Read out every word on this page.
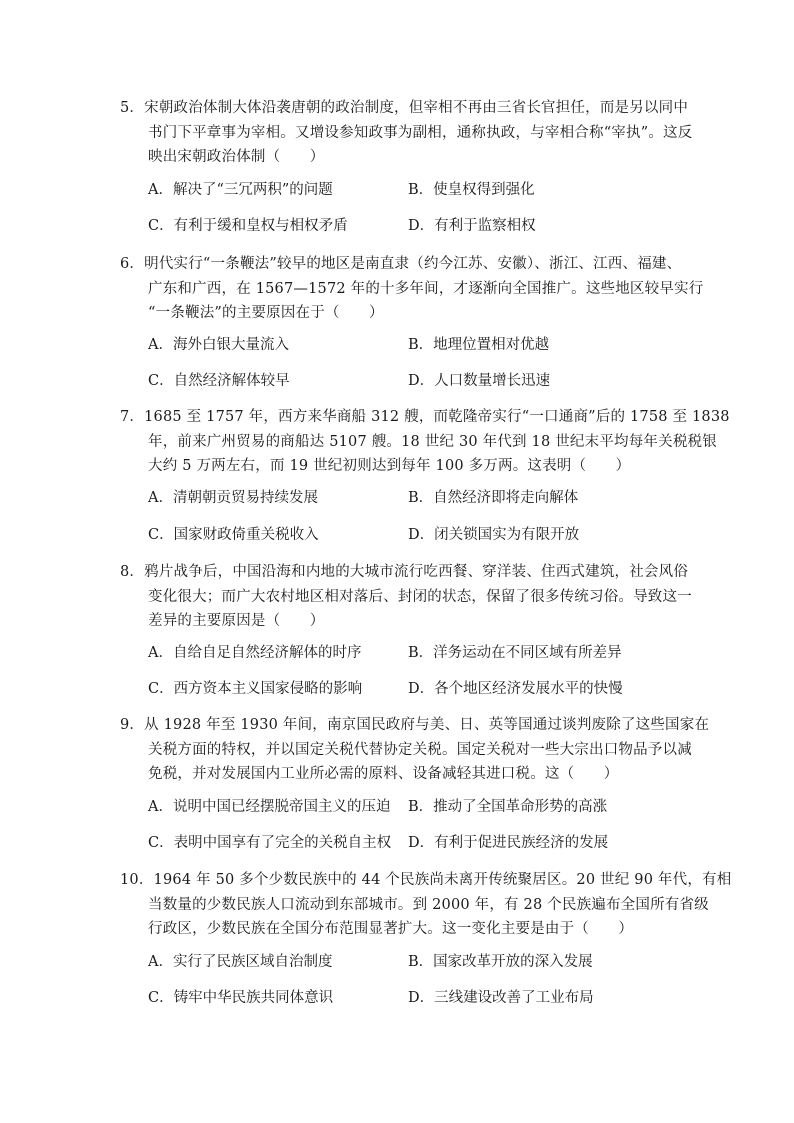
5．宋朝政治体制大体沿袭唐朝的政治制度，但宰相不再由三省长官担任，而是另以同中
书门下平章事为宰相。又增设参知政事为副相，通称执政，与宰相合称“宰执”。这反
映出宋朝政治体制（　　）
A．解决了“三冗两积”的问题	B．使皇权得到强化
C．有利于缓和皇权与相权矛盾	D．有利于监察相权
6．明代实行“一条鞭法”较早的地区是南直隶（约今江苏、安徽）、浙江、江西、福建、
广东和广西，在 1567—1572 年的十多年间，才逐渐向全国推广。这些地区较早实行
“一条鞭法”的主要原因在于（　　）
A．海外白银大量流入	B．地理位置相对优越
C．自然经济解体较早	D．人口数量增长迅速
7．1685 至 1757 年，西方来华商船 312 艘，而乾隆帝实行“一口通商”后的 1758 至 1838
年，前来广州贸易的商船达 5107 艘。18 世纪 30 年代到 18 世纪末平均每年关税税银
大约 5 万两左右，而 19 世纪初则达到每年 100 多万两。这表明（　　）
A．清朝朝贡贸易持续发展	B．自然经济即将走向解体
C．国家财政倚重关税收入	D．闭关锁国实为有限开放
8．鸦片战争后，中国沿海和内地的大城市流行吃西餐、穿洋装、住西式建筑，社会风俗
变化很大；而广大农村地区相对落后、封闭的状态，保留了很多传统习俗。导致这一
差异的主要原因是（　　）
A．自给自足自然经济解体的时序	B．洋务运动在不同区域有所差异
C．西方资本主义国家侵略的影响	D．各个地区经济发展水平的快慢
9．从 1928 年至 1930 年间，南京国民政府与美、日、英等国通过谈判废除了这些国家在
关税方面的特权，并以国定关税代替协定关税。国定关税对一些大宗出口物品予以减
免税，并对发展国内工业所必需的原料、设备减轻其进口税。这（　　）
A．说明中国已经摆脱帝国主义的压迫 B．推动了全国革命形势的高涨
C．表明中国享有了完全的关税自主权 D．有利于促进民族经济的发展
10．1964 年 50 多个少数民族中的 44 个民族尚未离开传统聚居区。20 世纪 90 年代，有相
当数量的少数民族人口流动到东部城市。到 2000 年，有 28 个民族遍布全国所有省级
行政区，少数民族在全国分布范围显著扩大。这一变化主要是由于（　　）
A．实行了民族区域自治制度	B．国家改革开放的深入发展
C．铸牢中华民族共同体意识	D．三线建设改善了工业布局
